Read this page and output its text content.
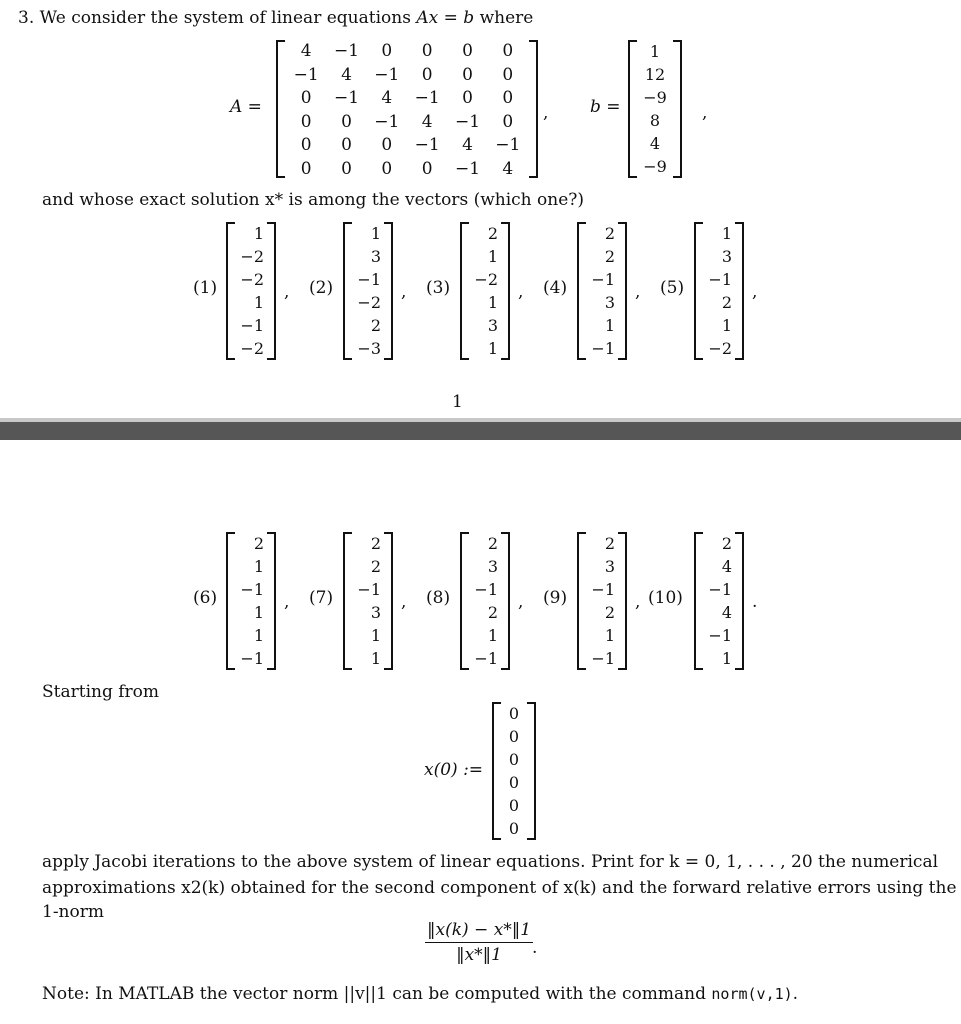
3. We consider the system of linear equations Ax = b where
A =
4	−1	0	0	0	0
−1	4	−1	0	0	0
0	−1	4	−1	0	0
0	0	−1	4	−1	0
0	0	0	−1	4	−1
0	0	0	0	−1	4
, b =
1
12
−9
8
4
−9
,
and whose exact solution x* is among the vectors (which one?)
(1)
1
−2
−2
1
−1
−2
, (2)
1
3
−1
−2
2
−3
, (3)
2
1
−2
1
3
1
, (4)
2
2
−1
3
1
−1
, (5)
1
3
−1
2
1
−2
,
1
(6)
2
1
−1
1
1
−1
, (7)
2
2
−1
3
1
1
, (8)
2
3
−1
2
1
−1
, (9)
2
3
−1
2
1
−1
, (10)
2
4
−1
4
−1
1
.
Starting from
x(0) :=
0
0
0
0
0
0
apply Jacobi iterations to the above system of linear equations. Print for k = 0, 1, . . . , 20 the numerical
approximations x2(k) obtained for the second component of x(k) and the forward relative errors using the
1-norm
$\frac{‖x(k) - x*‖1}{‖x*‖1}$
.
Note: In MATLAB the vector norm ||v||1 can be computed with the command norm(v,1).
